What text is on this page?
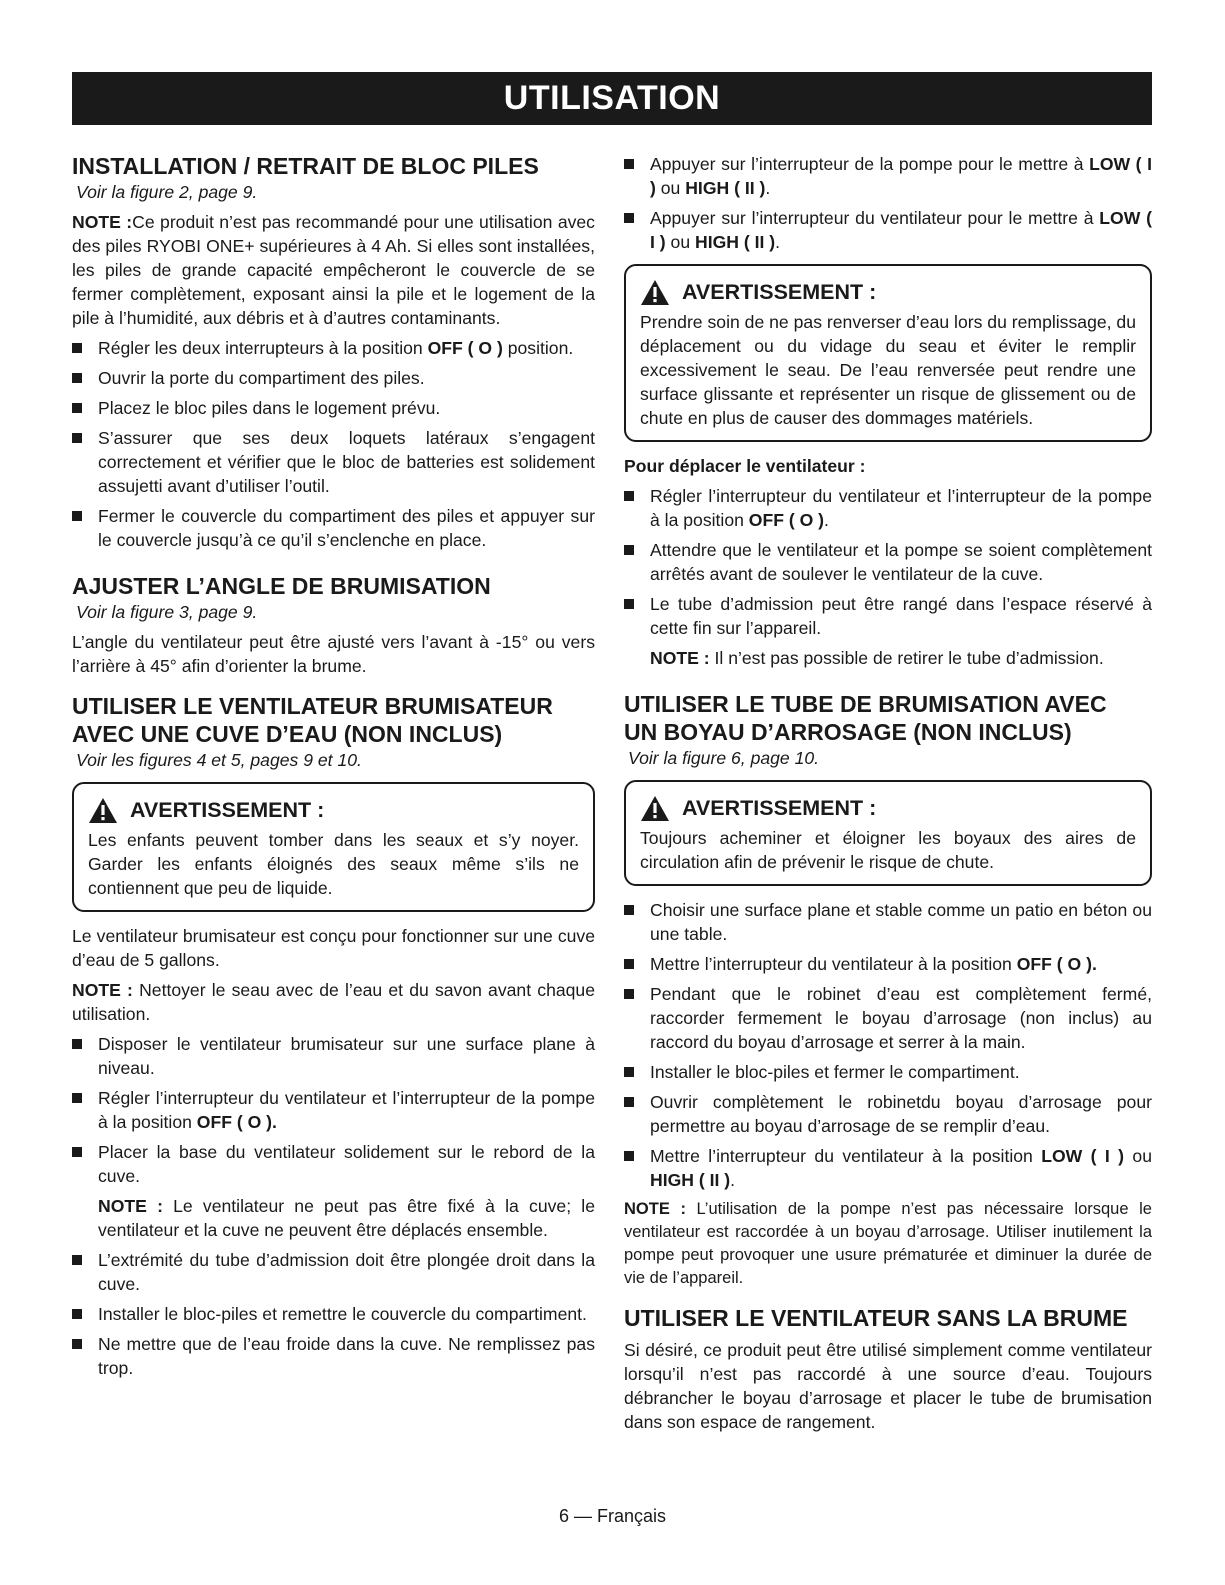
UTILISATION
INSTALLATION / RETRAIT DE BLOC PILES
Voir la figure 2, page 9.

NOTE :Ce produit n’est pas recommandé pour une utilisation avec des piles RYOBI ONE+ supérieures à 4 Ah. Si elles sont installées, les piles de grande capacité empêcheront le couvercle de se fermer complètement, exposant ainsi la pile et le logement de la pile à l’humidité, aux débris et à d’autres contaminants.

Régler les deux interrupteurs à la position OFF ( O ) position.
Ouvrir la porte du compartiment des piles.
Placez le bloc piles dans le logement prévu.
S’assurer que ses deux loquets latéraux s’engagent correctement et vérifier que le bloc de batteries est solidement assujetti avant d’utiliser l’outil.
Fermer le couvercle du compartiment des piles et appuyer sur le couvercle jusqu’à ce qu’il s’enclenche en place.
AJUSTER L’ANGLE DE BRUMISATION
Voir la figure 3, page 9.

L’angle du ventilateur peut être ajusté vers l’avant à -15° ou vers l’arrière à 45° afin d’orienter la brume.

UTILISER LE VENTILATEUR BRUMISATEUR
AVEC UNE CUVE D’EAU (NON INCLUS)
Voir les figures 4 et 5, pages 9 et 10.
AVERTISSEMENT :

Les enfants peuvent tomber dans les seaux et s’y noyer. Garder les enfants éloignés des seaux même s’ils ne contiennent que peu de liquide.

Le ventilateur brumisateur est conçu pour fonctionner sur une cuve d’eau de 5 gallons.

NOTE : Nettoyer le seau avec de l’eau et du savon avant chaque utilisation.

Disposer le ventilateur brumisateur sur une surface plane à niveau.
Régler l’interrupteur du ventilateur et l’interrupteur de la pompe à la position OFF ( O ).
Placer la base du ventilateur solidement sur le rebord de la cuve.

NOTE : Le ventilateur ne peut pas être fixé à la cuve; le ventilateur et la cuve ne peuvent être déplacés ensemble.

L’extrémité du tube d’admission doit être plongée droit dans la cuve.
Installer le bloc-piles et remettre le couvercle du compartiment.
Ne mettre que de l’eau froide dans la cuve. Ne remplissez pas trop.
Appuyer sur l’interrupteur de la pompe pour le mettre à LOW ( I ) ou HIGH ( II ).
Appuyer sur l’interrupteur du ventilateur pour le mettre à LOW ( I ) ou HIGH ( II ).
AVERTISSEMENT :

Prendre soin de ne pas renverser d’eau lors du remplissage, du déplacement ou du vidage du seau et éviter le remplir excessivement le seau. De l’eau renversée peut rendre une surface glissante et représenter un risque de glissement ou de chute en plus de causer des dommages matériels.

Pour déplacer le ventilateur :

Régler l’interrupteur du ventilateur et l’interrupteur de la pompe à la position OFF ( O ).
Attendre que le ventilateur et la pompe se soient complètement arrêtés avant de soulever le ventilateur de la cuve.
Le tube d’admission peut être rangé dans l’espace réservé à cette fin sur l’appareil.

NOTE : Il n’est pas possible de retirer le tube d’admission.

UTILISER LE TUBE DE BRUMISATION AVEC
UN BOYAU D’ARROSAGE (NON INCLUS)
Voir la figure 6, page 10.
AVERTISSEMENT :

Toujours acheminer et éloigner les boyaux des aires de circulation afin de prévenir le risque de chute.

Choisir une surface plane et stable comme un patio en béton ou une table.
Mettre l’interrupteur du ventilateur à la position OFF ( O ).
Pendant que le robinet d’eau est complètement fermé, raccorder fermement le boyau d’arrosage (non inclus) au raccord du boyau d’arrosage et serrer à la main.
Installer le bloc-piles et fermer le compartiment.
Ouvrir complètement le robinetdu boyau d’arrosage pour permettre au boyau d’arrosage de se remplir d’eau.
Mettre l’interrupteur du ventilateur à la position LOW ( I ) ou HIGH ( II ).

NOTE : L’utilisation de la pompe n’est pas nécessaire lorsque le ventilateur est raccordée à un boyau d’arrosage. Utiliser inutilement la pompe peut provoquer une usure prématurée et diminuer la durée de vie de l’appareil.

UTILISER LE VENTILATEUR SANS LA BRUME

Si désiré, ce produit peut être utilisé simplement comme ventilateur lorsqu’il n’est pas raccordé à une source d’eau. Toujours débrancher le boyau d’arrosage et placer le tube de brumisation dans son espace de rangement.

6 — Français
